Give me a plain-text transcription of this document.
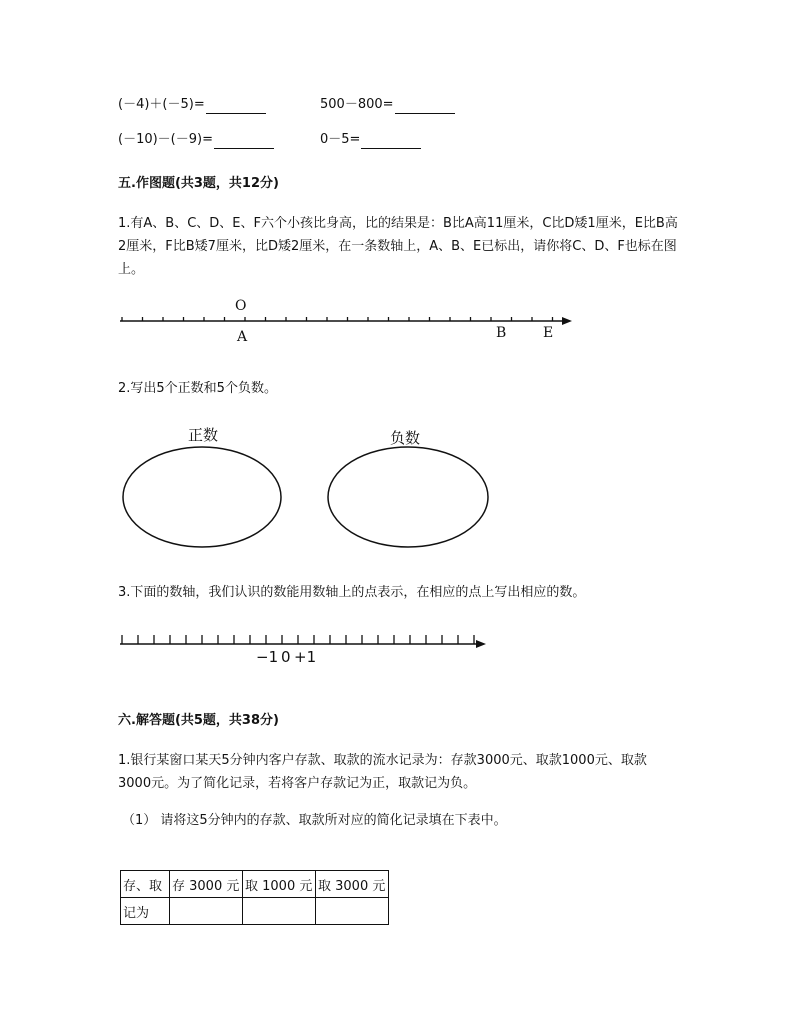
(－4)＋(－5)=	500－800=
(－10)－(－9)=	0－5=
五.作图题(共3题，共12分)
1.有A、B、C、D、E、F六个小孩比身高，比的结果是：B比A高11厘米，C比D矮1厘米，E比B高2厘米，F比B矮7厘米，比D矮2厘米，在一条数轴上，A、B、E已标出，请你将C、D、F也标在图上。
O
A	B	E
2.写出5个正数和5个负数。
正数	负数
3.下面的数轴，我们认识的数能用数轴上的点表示，在相应的点上写出相应的数。
−1 0 +1
六.解答题(共5题，共38分)
1.银行某窗口某天5分钟内客户存款、取款的流水记录为：存款3000元、取款1000元、取款3000元。为了简化记录，若将客户存款记为正，取款记为负。
（1） 请将这5分钟内的存款、取款所对应的简化记录填在下表中。
存、取	存 3000 元	取 1000 元	取 3000 元
记为			
